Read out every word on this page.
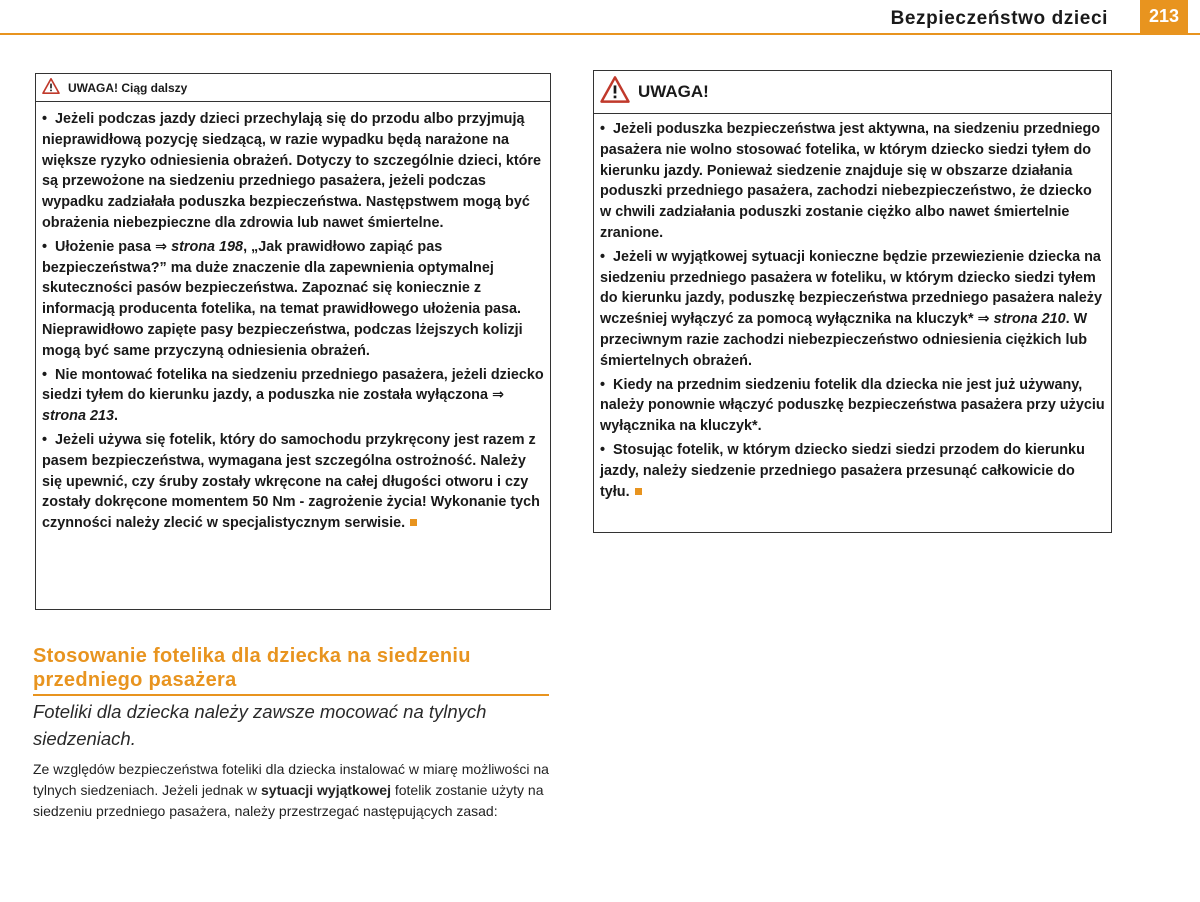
Bezpieczeństwo dzieci	213
UWAGA! Ciąg dalszy

•  Jeżeli podczas jazdy dzieci przechylają się do przodu albo przyjmują nieprawidłową pozycję siedzącą, w razie wypadku będą narażone na większe ryzyko odniesienia obrażeń. Dotyczy to szczególnie dzieci, które są przewożone na siedzeniu przedniego pasażera, jeżeli podczas wypadku zadziałała poduszka bezpieczeństwa. Następstwem mogą być obrażenia niebezpieczne dla zdrowia lub nawet śmiertelne.

•  Ułożenie pasa ⇒ strona 198, „Jak prawidłowo zapiąć pas bezpieczeństwa?” ma duże znaczenie dla zapewnienia optymalnej skuteczności pasów bezpieczeństwa. Zapoznać się koniecznie z informacją producenta fotelika, na temat prawidłowego ułożenia pasa. Nieprawidłowo zapięte pasy bezpieczeństwa, podczas lżejszych kolizji mogą być same przyczyną odniesienia obrażeń.

•  Nie montować fotelika na siedzeniu przedniego pasażera, jeżeli dziecko siedzi tyłem do kierunku jazdy, a poduszka nie została wyłączona ⇒ strona 213.

•  Jeżeli używa się fotelik, który do samochodu przykręcony jest razem z pasem bezpieczeństwa, wymagana jest szczególna ostrożność. Należy się upewnić, czy śruby zostały wkręcone na całej długości otworu i czy zostały dokręcone momentem 50 Nm - zagrożenie życia! Wykonanie tych czynności należy zlecić w specjalistycznym serwisie.

UWAGA!

•  Jeżeli poduszka bezpieczeństwa jest aktywna, na siedzeniu przedniego pasażera nie wolno stosować fotelika, w którym dziecko siedzi tyłem do kierunku jazdy. Ponieważ siedzenie znajduje się w obszarze działania poduszki przedniego pasażera, zachodzi niebezpieczeństwo, że dziecko w chwili zadziałania poduszki zostanie ciężko albo nawet śmiertelnie zranione.

•  Jeżeli w wyjątkowej sytuacji konieczne będzie przewiezienie dziecka na siedzeniu przedniego pasażera w foteliku, w którym dziecko siedzi tyłem do kierunku jazdy, poduszkę bezpieczeństwa przedniego pasażera należy wcześniej wyłączyć za pomocą wyłącznika na kluczyk* ⇒ strona 210. W przeciwnym razie zachodzi niebezpieczeństwo odniesienia ciężkich lub śmiertelnych obrażeń.

•  Kiedy na przednim siedzeniu fotelik dla dziecka nie jest już używany, należy ponownie włączyć poduszkę bezpieczeństwa pasażera przy użyciu wyłącznika na kluczyk*.

•  Stosując fotelik, w którym dziecko siedzi siedzi przodem do kierunku jazdy, należy siedzenie przedniego pasażera przesunąć całkowicie do tyłu.

Stosowanie fotelika dla dziecka na siedzeniu przedniego pasażera
Foteliki dla dziecka należy zawsze mocować na tylnych siedzeniach.
Ze względów bezpieczeństwa foteliki dla dziecka instalować w miarę możliwości na tylnych siedzeniach. Jeżeli jednak w sytuacji wyjątkowej fotelik zostanie użyty na siedzeniu przedniego pasażera, należy przestrzegać następujących zasad:
